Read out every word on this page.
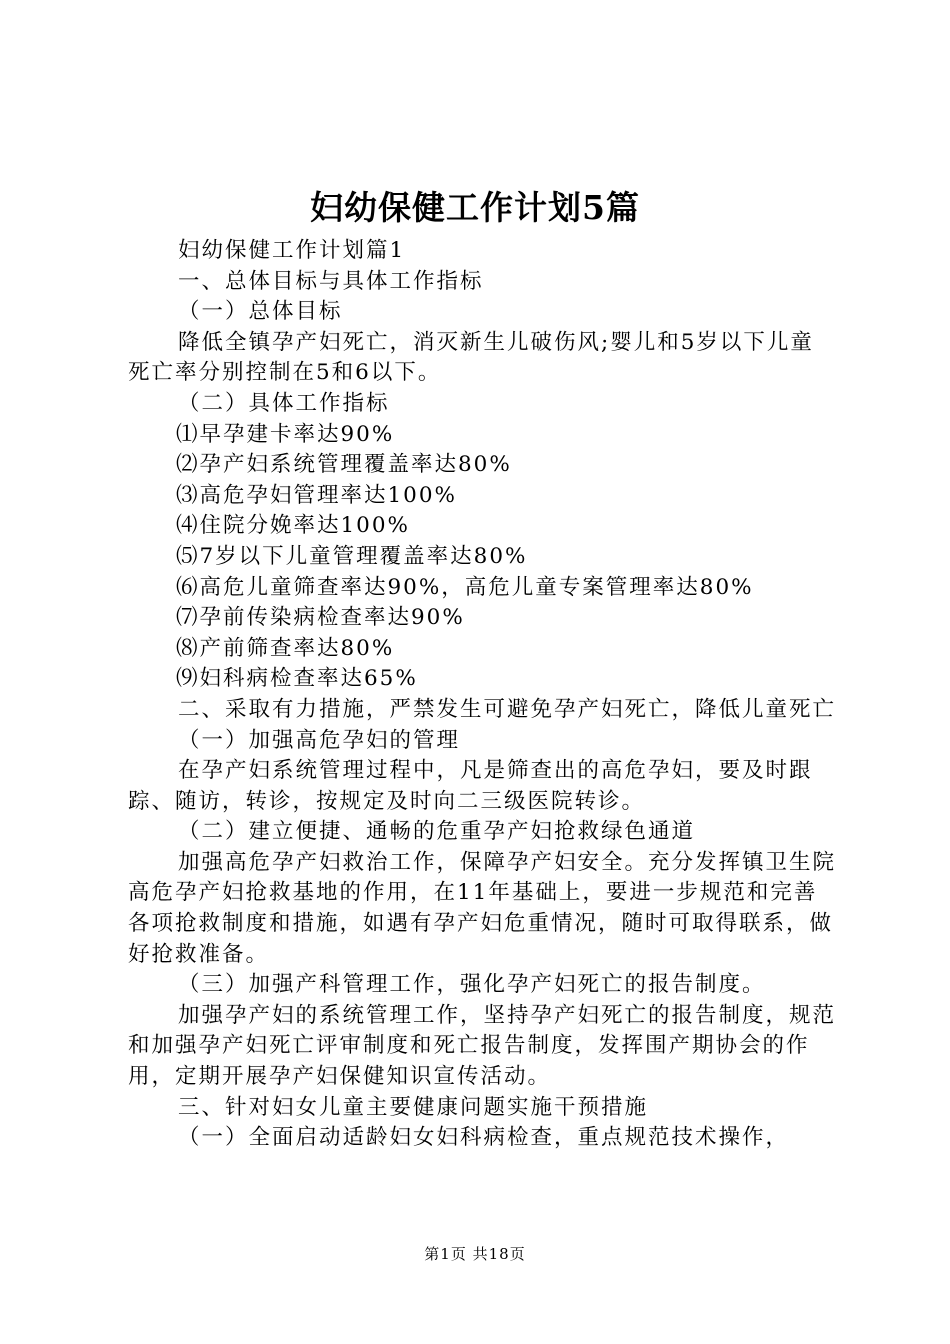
妇幼保健工作计划5篇

妇幼保健工作计划篇1

一、总体目标与具体工作指标

（一）总体目标

降低全镇孕产妇死亡，消灭新生儿破伤风;婴儿和5岁以下儿童死亡率分别控制在5和6以下。

（二）具体工作指标

⑴早孕建卡率达90%

⑵孕产妇系统管理覆盖率达80%

⑶高危孕妇管理率达100%

⑷住院分娩率达100%

⑸7岁以下儿童管理覆盖率达80%

⑹高危儿童筛查率达90%，高危儿童专案管理率达80%

⑺孕前传染病检查率达90%

⑻产前筛查率达80%

⑼妇科病检查率达65%

二、采取有力措施，严禁发生可避免孕产妇死亡，降低儿童死亡

（一）加强高危孕妇的管理

在孕产妇系统管理过程中，凡是筛查出的高危孕妇，要及时跟踪、随访，转诊，按规定及时向二三级医院转诊。

（二）建立便捷、通畅的危重孕产妇抢救绿色通道

加强高危孕产妇救治工作，保障孕产妇安全。充分发挥镇卫生院高危孕产妇抢救基地的作用，在11年基础上，要进一步规范和完善各项抢救制度和措施，如遇有孕产妇危重情况，随时可取得联系，做好抢救准备。

（三）加强产科管理工作，强化孕产妇死亡的报告制度。

加强孕产妇的系统管理工作，坚持孕产妇死亡的报告制度，规范和加强孕产妇死亡评审制度和死亡报告制度，发挥围产期协会的作用，定期开展孕产妇保健知识宣传活动。

三、针对妇女儿童主要健康问题实施干预措施

（一）全面启动适龄妇女妇科病检查，重点规范技术操作，

第1页 共18页
